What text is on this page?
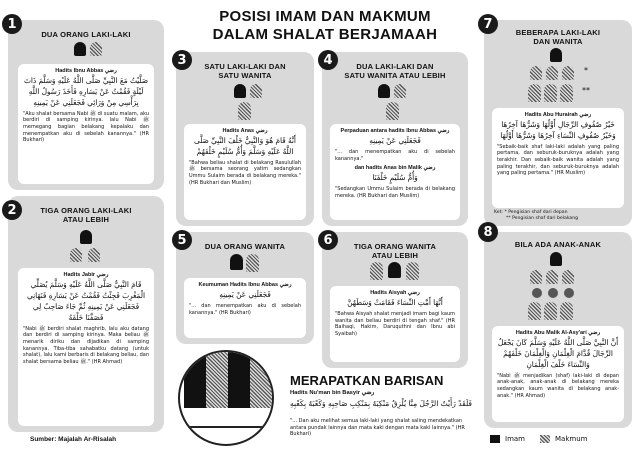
POSISI IMAM DAN MAKMUM
DALAM SHALAT BERJAMAAH
DUA ORANG LAKI-LAKI
Hadits Ibnu Abbas رضي
صَلَّيْتُ مَعَ النَّبِيِّ صَلَّى اللَّهُ عَلَيْهِ وَسَلَّمَ ذَاتَ لَيْلَةٍ فَقُمْتُ عَنْ يَسَارِهِ فَأَخَذَ رَسُولُ اللَّهِ بِرَأْسِي مِنْ وَرَائِي فَجَعَلَنِي عَنْ يَمِينِهِ
"Aku shalat bersama Nabi ﷺ di suatu malam, aku berdiri di samping kirinya. lalu Nabi ﷺ memegang bagian belakang kepalaku dan menempatkan aku di sebelah kanannya." (HR Bukhari)
1
TIGA ORANG LAKI-LAKI
ATAU LEBIH
Hadits Jabir رضي
قَامَ النَّبِيُّ صَلَّى اللَّهُ عَلَيْهِ وَسَلَّمَ يُصَلِّي الْمَغْرِبَ فَجِئْتُ فَقُمْتُ عَنْ يَسَارِهِ فَنَهَانِي فَجَعَلَنِي عَنْ يَمِينِهِ ثُمَّ جَاءَ صَاحِبٌ لِي فَصَفَّنَا خَلْفَهُ
"Nabi ﷺ berdiri shalat maghrib, lalu aku datang dan berdiri di samping kirinya. Maka beliau ﷺ menarik diriku dan dijadikan di samping kanannya. Tiba-tiba sahabatku datang (untuk shalat), lalu kami berbaris di belakang beliau, dan shalat bersama beliau ﷺ." (HR Ahmad)
2
SATU LAKI-LAKI DAN
SATU WANITA
Hadits Anas رضي
أَنَّهُ قَامَ هُوَ وَالنَّبِيُّ خَلْفَ النَّبِيِّ صَلَّى اللَّهُ عَلَيْهِ وَسَلَّمَ وَأُمُّ سُلَيْمٍ خَلْفَهُمْ
"Bahwa beliau shalat di belakang Rasulullah ﷺ bersama seorang yatim sedangkan Ummu Sulaim berada di belakang mereka." (HR Bukhari dan Muslim)
3	DUA LAKI-LAKI DAN
SATU WANITA ATAU LEBIH
Perpaduan antara hadits Ibnu Abbas رضي
فَجَعَلَنِي عَنْ يَمِينِهِ
"... dan menempatkan aku di sebelah kanannya."
dan hadits Anas bin Malik رضي
وَأُمُّ سُلَيْمٍ خَلْفَنَا
"Sedangkan Ummu Sulaim berada di belakang mereka. (HR Bukhari dan Muslim)
4
DUA ORANG WANITA
Keumuman Hadits Ibnu Abbas رضي
فَجَعَلَنِي عَنْ يَمِينِهِ
"... dan menempatkan aku di sebelah kanannya." (HR Bukhari)
5	TIGA ORANG WANITA
ATAU LEBIH
Hadits Aisyah رضي
أَنَّهَا أَمَّتِ النِّسَاءَ فَقَامَتْ وَسَطَهُنَّ
"Bahwa Aisyah shalat menjadi imam bagi kaum wanita dan beliau berdiri di tengah shaf." (HR Baihaqi, Hakim, Daruquthni dan Ibnu abi Syaibah)
6
BEBERAPA LAKI-LAKI
DAN WANITA
*
**
Hadits Abu Hurairah رضي
خَيْرُ صُفُوفِ الرِّجَالِ أَوَّلُهَا وَشَرُّهَا آخِرُهَا وَخَيْرُ صُفُوفِ النِّسَاءِ آخِرُهَا وَشَرُّهَا أَوَّلُهَا
"Sebaik-baik shaf laki-laki adalah yang paling pertama, dan seburuk-buruknya adalah yang terakhir. Dan sebaik-baik wanita adalah yang paling terakhir, dan seburuk-buruknya adalah yang paling pertama." (HR Muslim)
Ket: * Pengisian shaf dari depan
** Pengisian shaf dari belakang
7
BILA ADA ANAK-ANAK
Hadits Abu Malik Al-Asy'ari رضي
أَنَّ النَّبِيَّ صَلَّى اللَّهُ عَلَيْهِ وَسَلَّمَ كَانَ يَجْعَلُ الرِّجَالَ قُدَّامَ الْغِلْمَانِ وَالْغِلْمَانَ خَلْفَهُمْ وَالنِّسَاءَ خَلْفَ الْغِلْمَانِ
"Nabi ﷺ menjadikan (shaf) laki-laki di depan anak-anak, anak-anak di belakang mereka sedangkan kaum wanita di belakang anak-anak." (HR Ahmad)
8
MERAPATKAN BARISAN
Hadits Nu'man bin Basyir رضي
فَلَقَدْ رَأَيْتُ الرَّجُلَ مِنَّا يُلْزِقُ مَنْكِبَهُ بِمَنْكِبِ صَاحِبِهِ وَكَعْبَهُ بِكَعْبِهِ
"... Dan aku melihat semua laki-laki yang shalat saling mendekatkan antara pundak lainnya dan mata kaki dengan mata kaki lainnya." (HR Bukhari)
Sumber: Majalah Ar-Risalah	Imam	Makmum
